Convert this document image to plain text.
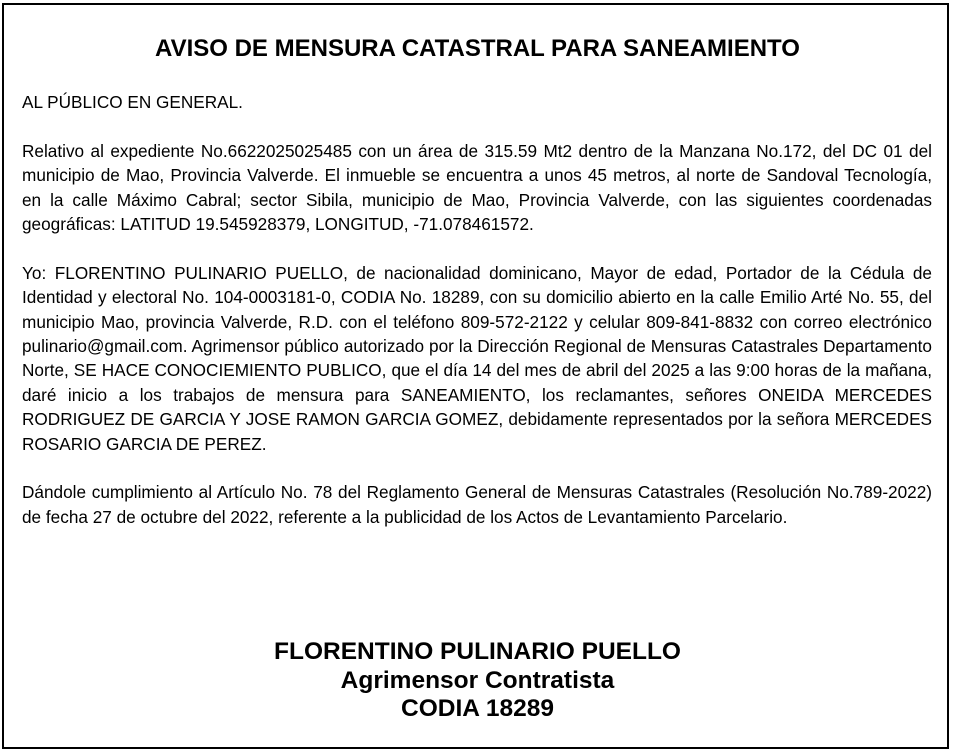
AVISO DE MENSURA CATASTRAL PARA SANEAMIENTO

AL PÚBLICO EN GENERAL.

Relativo al expediente No.6622025025485 con un área de 315.59 Mt2 dentro de la Manzana No.172, del DC 01 del municipio de Mao, Provincia Valverde. El inmueble se encuentra a unos 45 metros, al norte de Sandoval Tecnología, en la calle Máximo Cabral; sector Sibila, municipio de Mao, Provincia Valverde, con las siguientes coordenadas geográficas: LATITUD 19.545928379, LONGITUD, -71.078461572.

Yo: FLORENTINO PULINARIO PUELLO, de nacionalidad dominicano, Mayor de edad, Portador de la Cédula de Identidad y electoral No. 104-0003181-0, CODIA No. 18289, con su domicilio abierto en la calle Emilio Arté No. 55, del municipio Mao, provincia Valverde, R.D. con el teléfono 809-572-2122 y celular 809-841-8832 con correo electrónico pulinario@gmail.com. Agrimensor público autorizado por la Dirección Regional de Mensuras Catastrales Departamento Norte, SE HACE CONOCIEMIENTO PUBLICO, que el día 14 del mes de abril del 2025 a las 9:00 horas de la mañana, daré inicio a los trabajos de mensura para SANEAMIENTO, los reclamantes, señores ONEIDA MERCEDES RODRIGUEZ DE GARCIA Y JOSE RAMON GARCIA GOMEZ, debidamente representados por la señora MERCEDES ROSARIO GARCIA DE PEREZ.

Dándole cumplimiento al Artículo No. 78 del Reglamento General de Mensuras Catastrales (Resolución No.789-2022) de fecha 27 de octubre del 2022, referente a la publicidad de los Actos de Levantamiento Parcelario.

FLORENTINO PULINARIO PUELLO
Agrimensor Contratista
CODIA 18289
